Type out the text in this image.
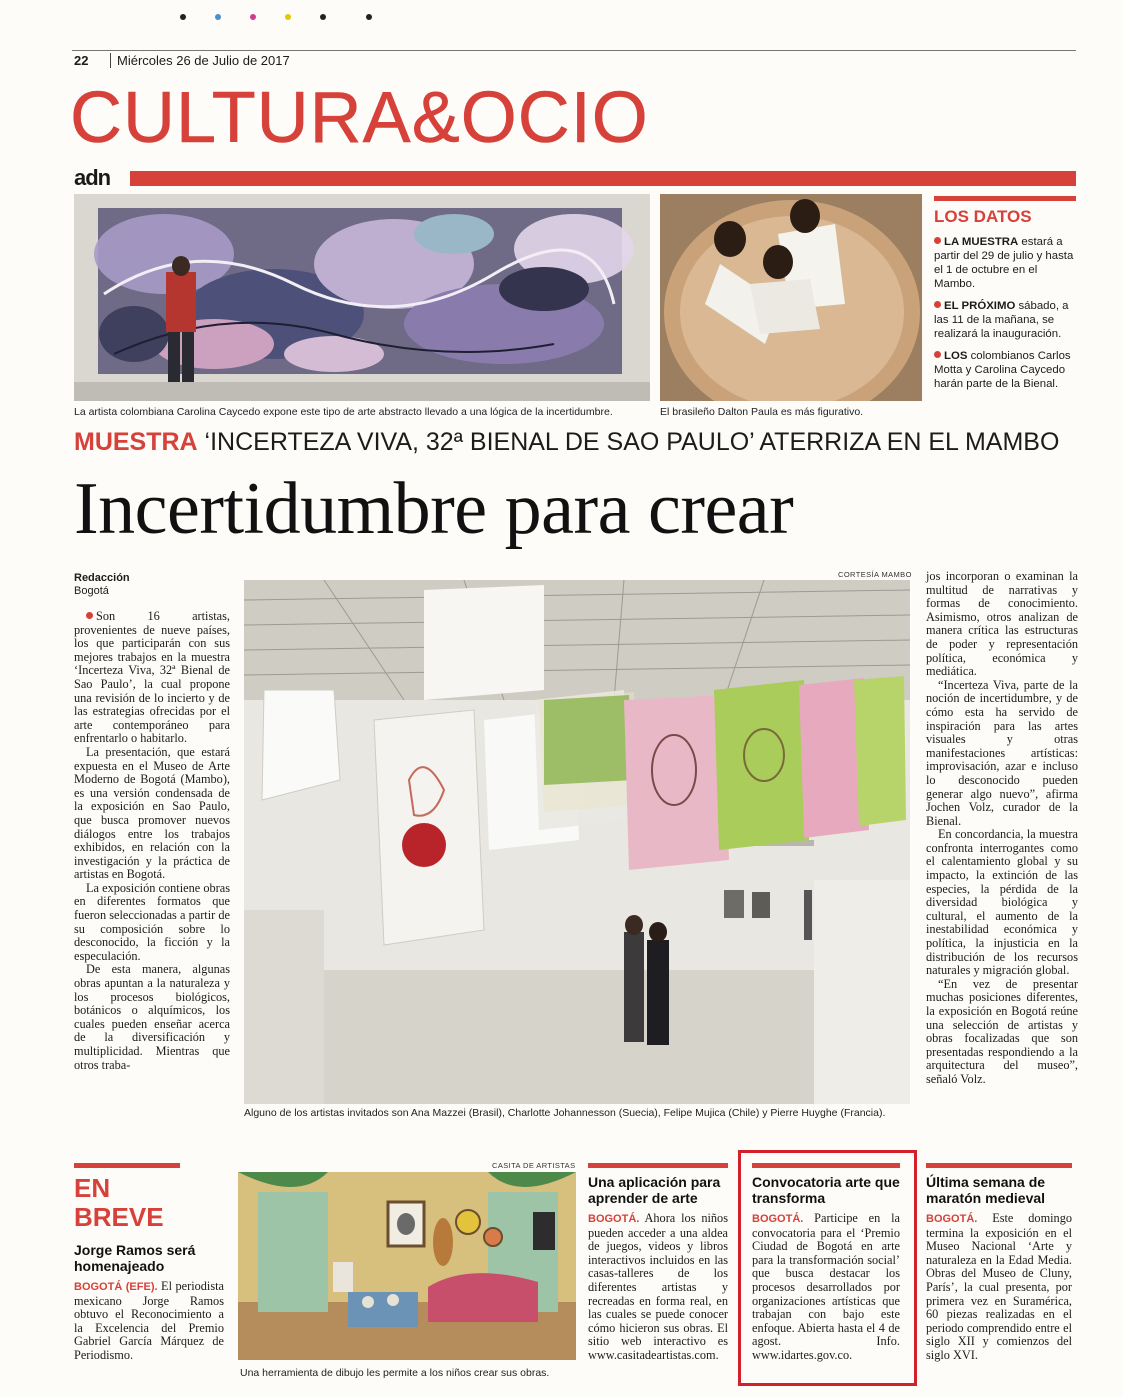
22	Miércoles 26 de Julio de 2017
CULTURA&OCIO
adn
La artista colombiana Carolina Caycedo expone este tipo de arte abstracto llevado a una lógica de la incertidumbre.	El brasileño Dalton Paula es más figurativo.
LOS DATOS
LA MUESTRA estará a partir del 29 de julio y hasta el 1 de octubre en el Mambo.
EL PRÓXIMO sábado, a las 11 de la mañana, se realizará la inauguración.
LOS colombianos Carlos Motta y Carolina Caycedo harán parte de la Bienal.
MUESTRA ‘INCERTEZA VIVA, 32ª BIENAL DE SAO PAULO’ ATERRIZA EN EL MAMBO
Incertidumbre para crear
Redacción
Bogotá

Son 16 artistas, provenientes de nueve países, los que participarán con sus mejores trabajos en la muestra ‘Incerteza Viva, 32ª Bienal de Sao Paulo’, la cual propone una revisión de lo incierto y de las estrategias ofrecidas por el arte contemporáneo para enfrentarlo o habitarlo.

La presentación, que estará expuesta en el Museo de Arte Moderno de Bogotá (Mambo), es una versión condensada de la exposición en Sao Paulo, que busca promover nuevos diálogos entre los trabajos exhibidos, en relación con la investigación y la práctica de artistas en Bogotá.

La exposición contiene obras en diferentes formatos que fueron seleccionadas a partir de su composición sobre lo desconocido, la ficción y la especulación.

De esta manera, algunas obras apuntan a la naturaleza y los procesos biológicos, botánicos o alquímicos, los cuales pueden enseñar acerca de la diversificación y multiplicidad. Mientras que otros traba-

CORTESÍA MAMBO
Alguno de los artistas invitados son Ana Mazzei (Brasil), Charlotte Johannesson (Suecia), Felipe Mujica (Chile) y Pierre Huyghe (Francia).

jos incorporan o examinan la multitud de narrativas y formas de conocimiento. Asimismo, otros analizan de manera crítica las estructuras de poder y representación política, económica y mediática.

“Incerteza Viva, parte de la noción de incertidumbre, y de cómo esta ha servido de inspiración para las artes visuales y otras manifestaciones artísticas: improvisación, azar e incluso lo desconocido pueden generar algo nuevo”, afirma Jochen Volz, curador de la Bienal.

En concordancia, la muestra confronta interrogantes como el calentamiento global y su impacto, la extinción de las especies, la pérdida de la diversidad biológica y cultural, el aumento de la inestabilidad económica y política, la injusticia en la distribución de los recursos naturales y migración global.

“En vez de presentar muchas posiciones diferentes, la exposición en Bogotá reúne una selección de artistas y obras focalizadas que son presentadas respondiendo a la arquitectura del museo”, señaló Volz.

EN
BREVE
Jorge Ramos será homenajeado
BOGOTÁ (EFE). El periodista mexicano Jorge Ramos obtuvo el Reconocimiento a la Excelencia del Premio Gabriel García Márquez de Periodismo.
CASITA DE ARTISTAS
Una herramienta de dibujo les permite a los niños crear sus obras.
Una aplicación para aprender de arte
BOGOTÁ. Ahora los niños pueden acceder a una aldea de juegos, videos y libros interactivos incluidos en las casas-talleres de los diferentes artistas y recreadas en forma real, en las cuales se puede conocer cómo hicieron sus obras. El sitio web interactivo es www.casitadeartistas.com.
Convocatoria arte que transforma
BOGOTÁ. Participe en la convocatoria para el ‘Premio Ciudad de Bogotá en arte para la transformación social’ que busca destacar los procesos desarrollados por organizaciones artísticas que trabajan con bajo este enfoque. Abierta hasta el 4 de agost. Info. www.idartes.gov.co.
Última semana de maratón medieval
BOGOTÁ. Este domingo termina la exposición en el Museo Nacional ‘Arte y naturaleza en la Edad Media. Obras del Museo de Cluny, París’, la cual presenta, por primera vez en Suramérica, 60 piezas realizadas en el periodo comprendido entre el siglo XII y comienzos del siglo XVI.
